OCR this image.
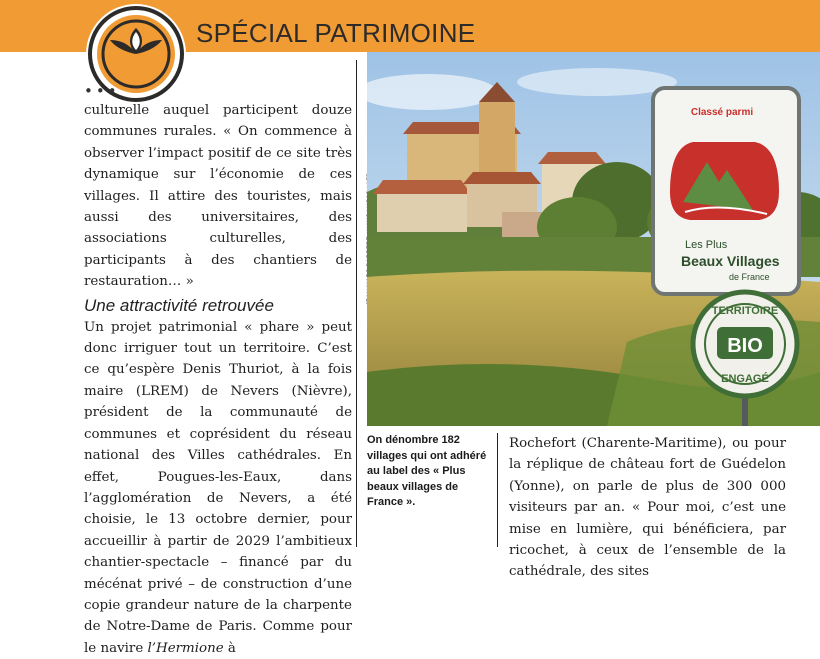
SPÉCIAL PATRIMOINE
•••

culturelle auquel participent douze communes rurales. « On commence à observer l’impact positif de ce site très dynamique sur l’économie de ces villages. Il attire des touristes, mais aussi des universitaires, des associations culturelles, des participants à des chantiers de restauration… »

Une attractivité retrouvée

Un projet patrimonial « phare » peut donc irriguer tout un territoire. C’est ce qu’espère Denis Thuriot, à la fois maire (LREM) de Nevers (Nièvre), président de la communauté de communes et coprésident du réseau national des Villes cathédrales. En effet, Pougues-les-Eaux, dans l’agglomération de Nevers, a été choisie, le 13 octobre dernier, pour accueillir à partir de 2029 l’ambitieux chantier-spectacle – financé par du mécénat privé – de construction d’une copie grandeur nature de la charpente de Notre-Dame de Paris. Comme pour le navire l’Hermione à

Classé parmi
Les Plus
Beaux Villages
de France
BIO
TERRITOIRE
ENGAGÉ
On dénombre 182 villages qui ont adhéré au label des « Plus beaux villages de France ».

Rochefort (Charente-Maritime), ou pour la réplique de château fort de Guédelon (Yonne), on parle de plus de 300 000 visiteurs par an. « Pour moi, c’est une mise en lumière, qui bénéficiera, par ricochet, à ceux de l’ensemble de la cathédrale, des sites
